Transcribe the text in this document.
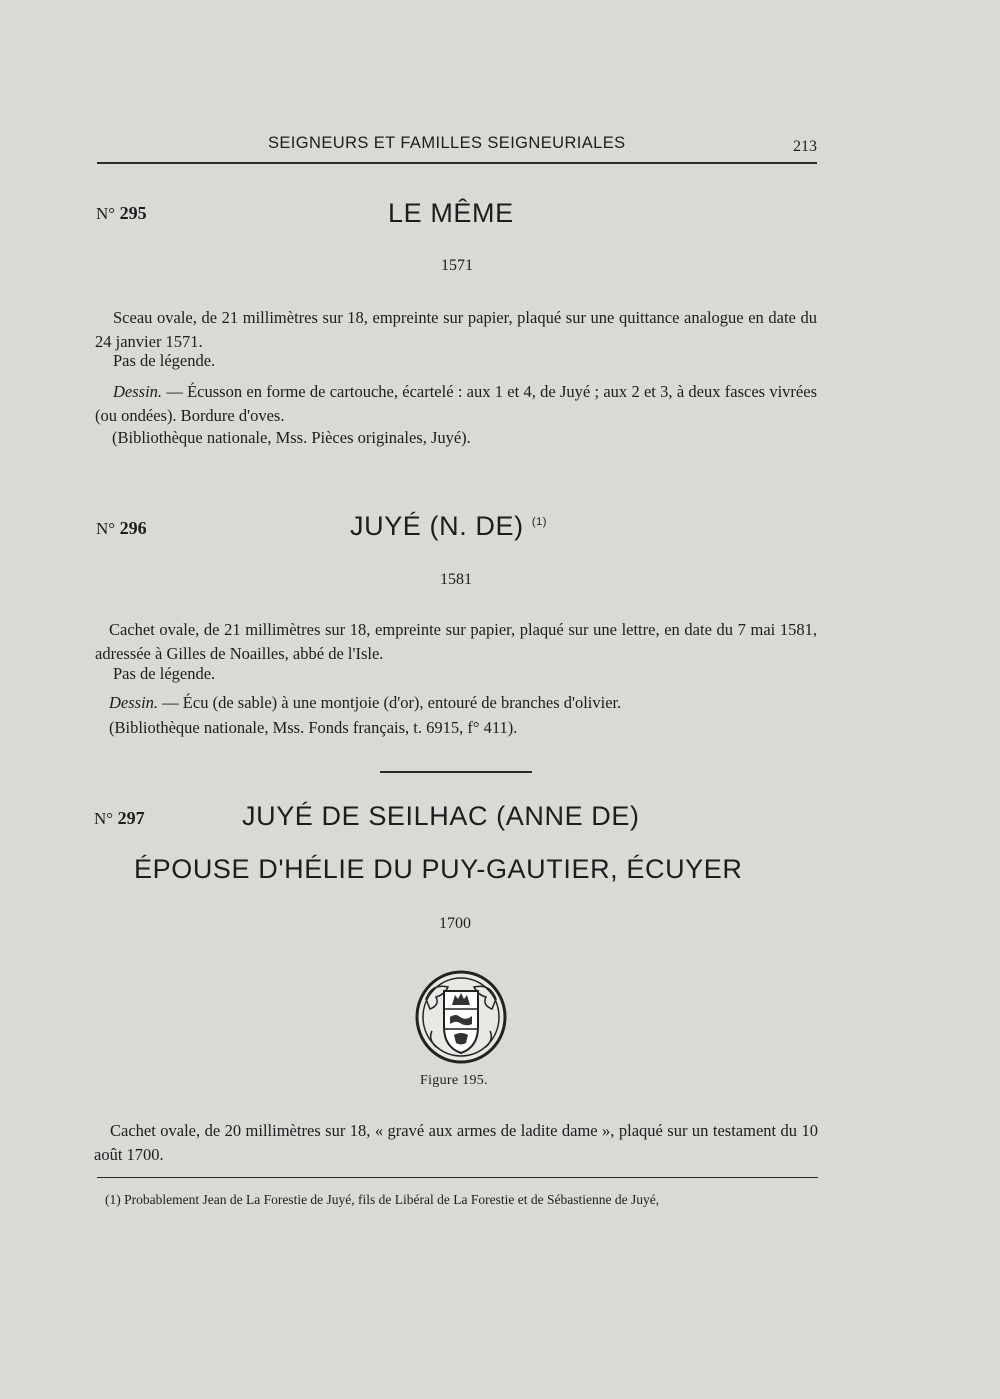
SEIGNEURS ET FAMILLES SEIGNEURIALES	213
N° 295	LE MÊME
1571
Sceau ovale, de 21 millimètres sur 18, empreinte sur papier, plaqué sur une quittance analogue en date du 24 janvier 1571.
Pas de légende.
Dessin. — Écusson en forme de cartouche, écartelé : aux 1 et 4, de Juyé ; aux 2 et 3, à deux fasces vivrées (ou ondées). Bordure d'oves.
(Bibliothèque nationale, Mss. Pièces originales, Juyé).
N° 296	JUYÉ (N. DE) $^{(1)}$
1581
Cachet ovale, de 21 millimètres sur 18, empreinte sur papier, plaqué sur une lettre, en date du 7 mai 1581, adressée à Gilles de Noailles, abbé de l'Isle.
Pas de légende.
Dessin. — Écu (de sable) à une montjoie (d'or), entouré de branches d'olivier.
(Bibliothèque nationale, Mss. Fonds français, t. 6915, f° 411).
N° 297	JUYÉ DE SEILHAC (ANNE DE)
ÉPOUSE D'HÉLIE DU PUY-GAUTIER, ÉCUYER
1700
Figure 195.
Cachet ovale, de 20 millimètres sur 18, « gravé aux armes de ladite dame », plaqué sur un testament du 10 août 1700.
(1) Probablement Jean de La Forestie de Juyé, fils de Libéral de La Forestie et de Sébastienne de Juyé,
